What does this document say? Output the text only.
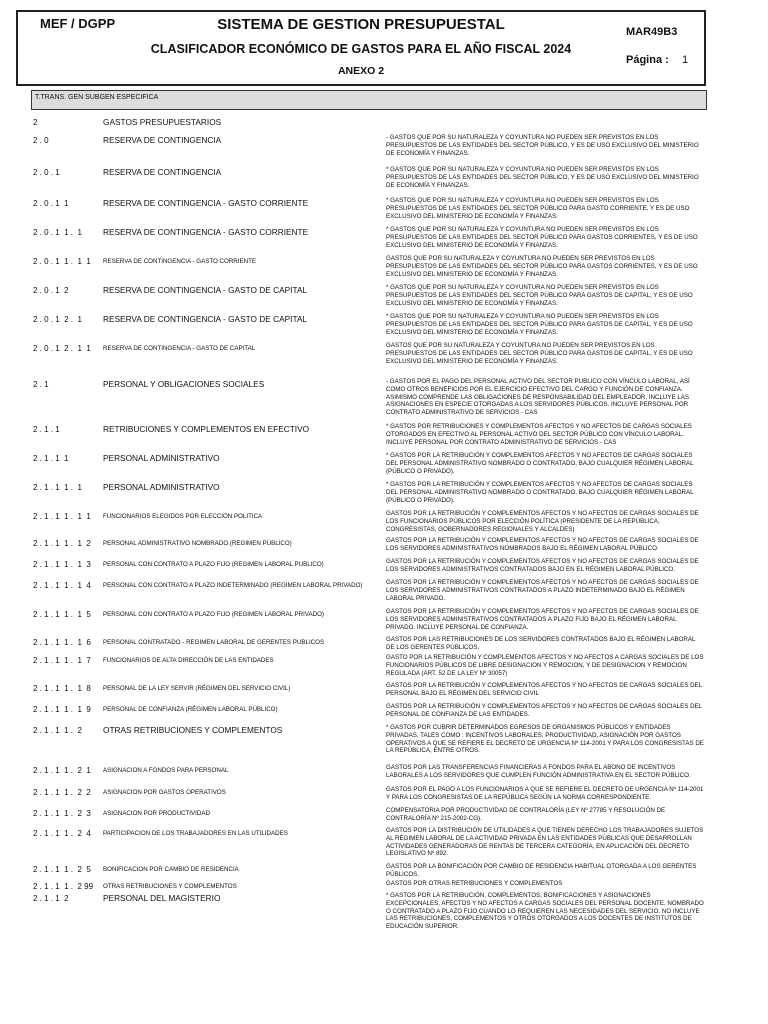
MEF / DGPP	SISTEMA DE GESTION PRESUPUESTAL
CLASIFICADOR ECONÓMICO DE GASTOS PARA EL AÑO FISCAL 2024
ANEXO 2
MAR49B3
Página : 1
T.TRANS. GEN SUBGEN ESPECIFICA
2	GASTOS PRESUPUESTARIOS
2 . 0	RESERVA DE CONTINGENCIA	- GASTOS QUE POR SU NATURALEZA Y COYUNTURA NO PUEDEN SER PREVISTOS EN LOS PRESUPUESTOS DE LAS ENTIDADES DEL SECTOR PÚBLICO, Y ES DE USO EXCLUSIVO DEL MINISTERIO DE ECONOMÍA Y FINANZAS.
2 . 0 . 1	RESERVA DE CONTINGENCIA	* GASTOS QUE POR SU NATURALEZA Y COYUNTURA NO PUEDEN SER PREVISTOS EN LOS PRESUPUESTOS DE LAS ENTIDADES DEL SECTOR PÚBLICO, Y ES DE USO EXCLUSIVO DEL MINISTERIO DE ECONOMÍA Y FINANZAS.
2 . 0 . 1  1	RESERVA DE CONTINGENCIA - GASTO CORRIENTE	* GASTOS QUE POR SU NATURALEZA Y COYUNTURA NO PUEDEN SER PREVISTOS EN LOS PRESUPUESTOS DE LAS ENTIDADES DEL SECTOR PÚBLICO PARA GASTO CORRIENTE, Y ES DE USO EXCLUSIVO DEL MINISTERIO DE ECONOMÍA Y FINANZAS.
2 . 0 . 1  1 .  1	RESERVA DE CONTINGENCIA - GASTO CORRIENTE	* GASTOS QUE POR SU NATURALEZA Y COYUNTURA NO PUEDEN SER PREVISTOS EN LOS PRESUPUESTOS DE LAS ENTIDADES DEL SECTOR PÚBLICO PARA GASTOS CORRIENTES, Y ES DE USO EXCLUSIVO DEL MINISTERIO DE ECONOMÍA Y FINANZAS.
2 . 0 . 1  1 .  1  1	RESERVA DE CONTINGENCIA - GASTO CORRIENTE	GASTOS QUE POR SU NATURALEZA Y COYUNTURA NO PUEDEN SER PREVISTOS EN LOS PRESUPUESTOS DE LAS ENTIDADES DEL SECTOR PÚBLICO PARA GASTOS CORRIENTES, Y ES DE USO EXCLUSIVO DEL MINISTERIO DE ECONOMÍA Y FINANZAS.
2 . 0 . 1  2	RESERVA DE CONTINGENCIA - GASTO DE CAPITAL	* GASTOS QUE POR SU NATURALEZA Y COYUNTURA NO PUEDEN SER PREVISTOS EN LOS PRESUPUESTOS DE LAS ENTIDADES DEL SECTOR PÚBLICO PARA GASTOS DE CAPITAL, Y ES DE USO EXCLUSIVO DEL MINISTERIO DE ECONOMÍA Y FINANZAS.
2 . 0 . 1  2 .  1	RESERVA DE CONTINGENCIA - GASTO DE CAPITAL	* GASTOS QUE POR SU NATURALEZA Y COYUNTURA NO PUEDEN SER PREVISTOS EN LOS PRESUPUESTOS DE LAS ENTIDADES DEL SECTOR PÚBLICO PARA GASTOS DE CAPITAL, Y ES DE USO EXCLUSIVO DEL MINISTERIO DE ECONOMÍA Y FINANZAS.
2 . 0 . 1  2 .  1  1	RESERVA DE CONTINGENCIA - GASTO DE CAPITAL	GASTOS QUE POR SU NATURALEZA Y COYUNTURA NO PUEDEN SER PREVISTOS EN LOS PRESUPUESTOS DE LAS ENTIDADES DEL SECTOR PÚBLICO PARA GASTOS DE CAPITAL, Y ES DE USO EXCLUSIVO DEL MINISTERIO DE ECONOMÍA Y FINANZAS.
2 . 1	PERSONAL Y OBLIGACIONES SOCIALES	- GASTOS POR EL PAGO DEL PERSONAL ACTIVO DEL SECTOR PUBLICO CON VÍNCULO LABORAL, ASÍ COMO OTROS BENEFICIOS POR EL EJERCICIO EFECTIVO DEL CARGO Y FUNCIÓN DE CONFIANZA. ASIMISMO COMPRENDE LAS OBLIGACIONES DE RESPONSABILIDAD DEL EMPLEADOR. INCLUYE LAS ASIGNACIONES EN ESPECIE OTORGADAS A LOS SERVIDORES PÚBLICOS. INCLUYE PERSONAL POR CONTRATO ADMINISTRATIVO DE SERVICIOS - CAS
2 . 1 . 1	RETRIBUCIONES Y COMPLEMENTOS EN EFECTIVO	* GASTOS POR RETRIBUCIONES Y COMPLEMENTOS AFECTOS Y NO AFECTOS DE CARGAS SOCIALES OTORGADOS EN EFECTIVO AL PERSONAL ACTIVO DEL SECTOR PÚBLICO CON VÍNCULO LABORAL. INCLUYE PERSONAL POR CONTRATO ADMINISTRATIVO DE SERVICIOS - CAS
2 . 1 . 1  1	PERSONAL ADMINISTRATIVO	* GASTOS POR LA RETRIBUCIÓN Y COMPLEMENTOS AFECTOS Y NO AFECTOS DE CARGAS SOCIALES DEL PERSONAL ADMINISTRATIVO NOMBRADO O CONTRATADO, BAJO CUALQUIER RÉGIMEN LABORAL (PÚBLICO O PRIVADO).
2 . 1 . 1  1 .  1	PERSONAL ADMINISTRATIVO	* GASTOS POR LA RETRIBUCIÓN Y COMPLEMENTOS AFECTOS Y NO AFECTOS DE CARGAS SOCIALES DEL PERSONAL ADMINISTRATIVO NOMBRADO O CONTRATADO, BAJO CUALQUIER RÉGIMEN LABORAL (PÚBLICO O PRIVADO).
2 . 1 . 1  1 .  1  1	FUNCIONARIOS ELEGIDOS POR ELECCION POLITICA	GASTOS POR LA RETRIBUCIÓN Y COMPLEMENTOS AFECTOS Y NO AFECTOS DE CARGAS SOCIALES DE LOS FUNCIONARIOS PÚBLICOS POR ELECCIÓN POLÍTICA (PRESIDENTE DE LA REPÚBLICA, CONGRESISTAS, GOBERNADORES REGIONALES Y ALCALDES)
2 . 1 . 1  1 .  1  2	PERSONAL ADMINISTRATIVO NOMBRADO (REGIMEN PÚBLICO)	GASTOS POR LA RETRIBUCIÓN Y COMPLEMENTOS AFECTOS Y NO AFECTOS DE CARGAS SOCIALES DE LOS SERVIDORES ADMINISTRATIVOS NOMBRADOS BAJO EL RÉGIMEN LABORAL PÚBLICO.
2 . 1 . 1  1 .  1  3	PERSONAL CON CONTRATO A PLAZO FIJO (REGIMEN LABORAL PUBLICO)	GASTOS POR LA RETRIBUCIÓN Y COMPLEMENTOS AFECTOS Y NO AFECTOS DE CARGAS SOCIALES DE LOS SERVIDORES ADMINISTRATIVOS CONTRATADOS BAJO EN EL RÉGIMEN LABORAL PÚBLICO.
2 . 1 . 1  1 .  1  4	PERSONAL CON CONTRATO A PLAZO INDETERMINADO (REGIMEN LABORAL PRIVADO)	GASTOS POR LA RETRIBUCIÓN Y COMPLEMENTOS AFECTOS Y NO AFECTOS DE CARGAS SOCIALES DE LOS SERVIDORES ADMINISTRATIVOS CONTRATADOS A PLAZO INDETERMINADO BAJO EL RÉGIMEN LABORAL PRIVADO.
2 . 1 . 1  1 .  1  5	PERSONAL CON CONTRATO A PLAZO FIJO (REGIMEN LABORAL PRIVADO)	GASTOS POR LA RETRIBUCIÓN Y COMPLEMENTOS AFECTOS Y NO AFECTOS DE CARGAS SOCIALES DE LOS SERVIDORES ADMINISTRATIVOS CONTRATADOS A PLAZO FIJO BAJO EL RÉGIMEN LABORAL PRIVADO. INCLUYE PERSONAL DE CONFIANZA.
2 . 1 . 1  1 .  1  6	PERSONAL CONTRATADO - REGIMEN LABORAL DE GERENTES PUBLICOS	GASTOS POR LAS RETRIBUCIONES DE LOS SERVIDORES CONTRATADOS BAJO EL RÉGIMEN LABORAL DE LOS GERENTES PÚBLICOS.
2 . 1 . 1  1 .  1  7	FUNCIONARIOS DE ALTA DIRECCIÓN DE LAS ENTIDADES	GASTO POR LA RETRIBUCIÓN Y COMPLEMENTOS AFECTOS Y NO AFECTOS A CARGAS SOCIALES DE LOS FUNCIONARIOS PÚBLICOS DE LIBRE DESIGNACION Y REMOCION, Y DE DESIGNACION Y REMOCION REGULADA (ART. 52 DE LA LEY Nº 30057)
2 . 1 . 1  1 .  1  8	PERSONAL DE LA LEY SERVIR (RÉGIMEN DEL SERVICIO CIVIL)	GASTOS POR LA RETRIBUCIÓN Y COMPLEMENTOS AFECTOS Y NO AFECTOS DE CARGAS SOCIALES DEL PERSONAL BAJO EL RÉGIMEN DEL SERVICIO CIVIL
2 . 1 . 1  1 .  1  9	PERSONAL DE CONFIANZA (RÉGIMEN LABORAL PÚBLICO)	GASTOS POR LA RETRIBUCIÓN Y COMPLEMENTOS AFECTOS Y NO AFECTOS DE CARGAS SOCIALES DEL PERSONAL DE CONFIANZA DE LAS ENTIDADES.
2 . 1 . 1  1 .  2	OTRAS RETRIBUCIONES Y COMPLEMENTOS	* GASTOS POR CUBRIR DETERMINADOS EGRESOS DE ORGANISMOS PÚBLICOS Y ENTIDADES PRIVADAS, TALES COMO : INCENTIVOS LABORALES, PRODUCTIVIDAD, ASIGNACIÓN POR GASTOS OPERATIVOS A QUE SE REFIERE EL DECRETO DE URGENCIA Nº 114-2001 Y PARA LOS CONGRESISTAS DE LA REPÚBLICA, ENTRE OTROS.
2 . 1 . 1  1 .  2  1	ASIGNACION A FONDOS PARA PERSONAL	GASTOS POR LAS TRANSFERENCIAS FINANCIERAS A FONDOS PARA EL ABONO DE INCENTIVOS LABORALES A LOS SERVIDORES QUE CUMPLEN FUNCIÓN ADMINISTRATIVA EN EL SECTOR PÚBLICO.
2 . 1 . 1  1 .  2  2	ASIGNACION POR GASTOS OPERATIVOS	GASTOS POR EL PAGO A LOS FUNCIONARIOS A QUE SE REFIERE EL DECRETO DE URGENCIA Nº 114-2001 Y PARA LOS CONGRESISTAS DE LA REPÚBLICA SEGÚN LA NORMA CORRESPONDIENTE.
2 . 1 . 1  1 .  2  3	ASIGNACION POR PRODUCTIVIDAD	COMPENSATORIA POR PRODUCTIVIDAD DE CONTRALORÍA (LEY Nº 27785 Y RESOLUCIÓN DE CONTRALORÍA Nº 215-2002-CG).
2 . 1 . 1  1 .  2  4	PARTICIPACION DE LOS TRABAJADORES EN LAS UTILIDADES	GASTOS POR LA DISTRIBUCIÓN DE UTILIDADES A QUE TIENEN DERECHO LOS TRABAJADORES SUJETOS AL RÉGIMEN LABORAL DE LA ACTIVIDAD PRIVADA EN LAS ENTIDADES PÚBLICAS QUE DESARROLLAN ACTIVIDADES GENERADORAS DE RENTAS DE TERCERA CATEGORÍA, EN APLICACIÓN DEL DECRETO LEGISLATIVO Nº 892.
2 . 1 . 1  1 .  2  5	BONIFICACION POR CAMBIO DE RESIDENCIA	GASTOS POR LA BONIFICACIÓN POR CAMBIO DE RESIDENCIA HABITUAL OTORGADA A LOS GERENTES PÚBLICOS.
2 . 1 . 1  1 .  2 99	OTRAS RETRIBUCIONES Y COMPLEMENTOS	GASTOS POR OTRAS RETRIBUCIONES Y COMPLEMENTOS
2 . 1 . 1  2	PERSONAL DEL MAGISTERIO	* GASTOS POR LA RETRIBUCIÓN, COMPLEMENTOS, BONIFICACIONES Y ASIGNACIONES EXCEPCIONALES, AFECTOS Y NO AFECTOS A CARGAS SOCIALES DEL PERSONAL DOCENTE, NOMBRADO O CONTRATADO A PLAZO FIJO CUANDO LO REQUIEREN LAS NECESIDADES DEL SERVICIO. NO INCLUYE LAS RETRIBUCIONES, COMPLEMENTOS Y OTROS OTORGADOS A LOS DOCENTES DE INSTITUTOS DE EDUCACIÓN SUPERIOR.
